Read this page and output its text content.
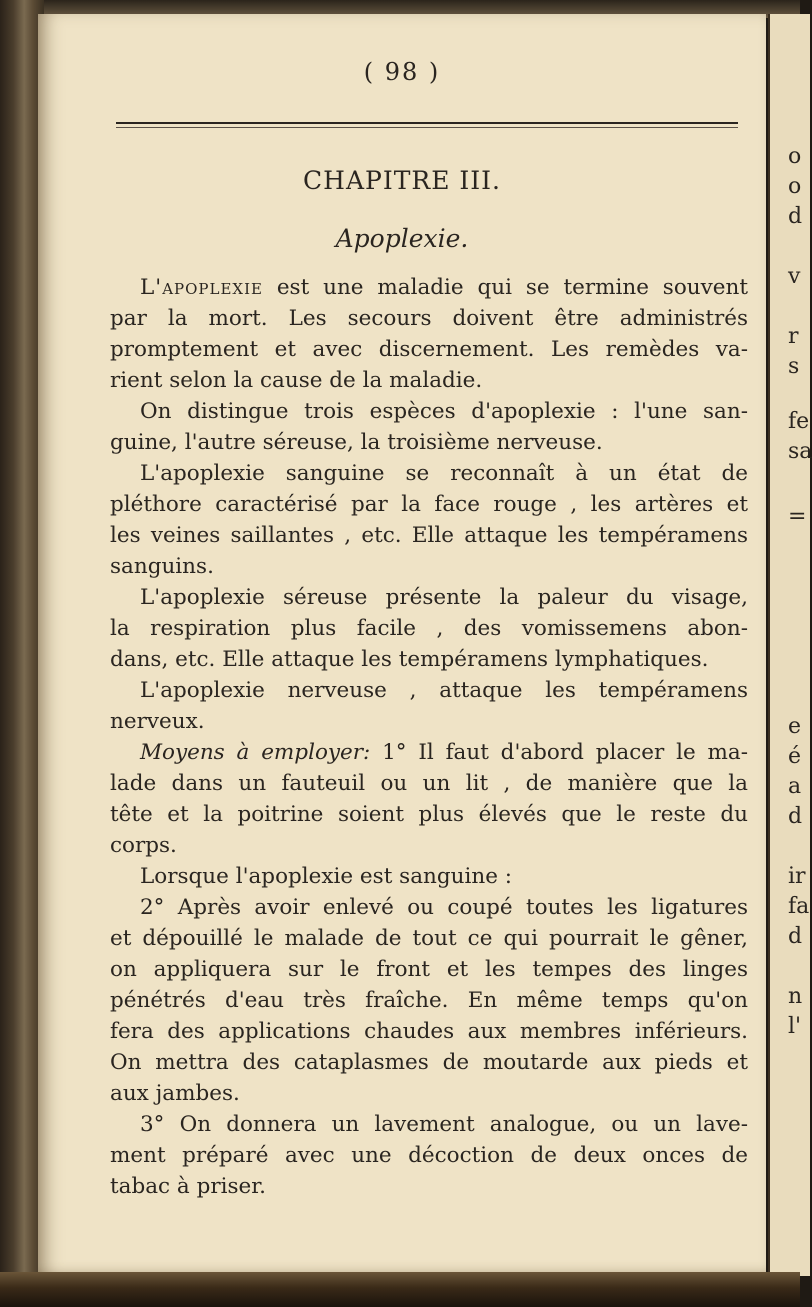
( 98 )
CHAPITRE III.
Apoplexie.
L'apoplexie est une maladie qui se termine souvent
par la mort. Les secours doivent être administrés
promptement et avec discernement. Les remèdes va-
rient selon la cause de la maladie.
On distingue trois espèces d'apoplexie : l'une san-
guine, l'autre séreuse, la troisième nerveuse.
L'apoplexie sanguine se reconnaît à un état de
pléthore caractérisé par la face rouge , les artères et
les veines saillantes , etc. Elle attaque les tempéramens
sanguins.
L'apoplexie séreuse présente la paleur du visage,
la respiration plus facile , des vomissemens abon-
dans, etc. Elle attaque les tempéramens lymphatiques.
L'apoplexie nerveuse , attaque les tempéramens
nerveux.
Moyens à employer: 1° Il faut d'abord placer le ma-
lade dans un fauteuil ou un lit , de manière que la
tête et la poitrine soient plus élevés que le reste du
corps.
Lorsque l'apoplexie est sanguine :
2° Après avoir enlevé ou coupé toutes les ligatures
et dépouillé le malade de tout ce qui pourrait le gêner,
on appliquera sur le front et les tempes des linges
pénétrés d'eau très fraîche. En même temps qu'on
fera des applications chaudes aux membres inférieurs.
On mettra des cataplasmes de moutarde aux pieds et
aux jambes.
3° On donnera un lavement analogue, ou un lave-
ment préparé avec une décoction de deux onces de
tabac à priser.
o
o
d
v
r
s
fe
sa
=
e
é
a
d
ir
fa
d
n
l'
